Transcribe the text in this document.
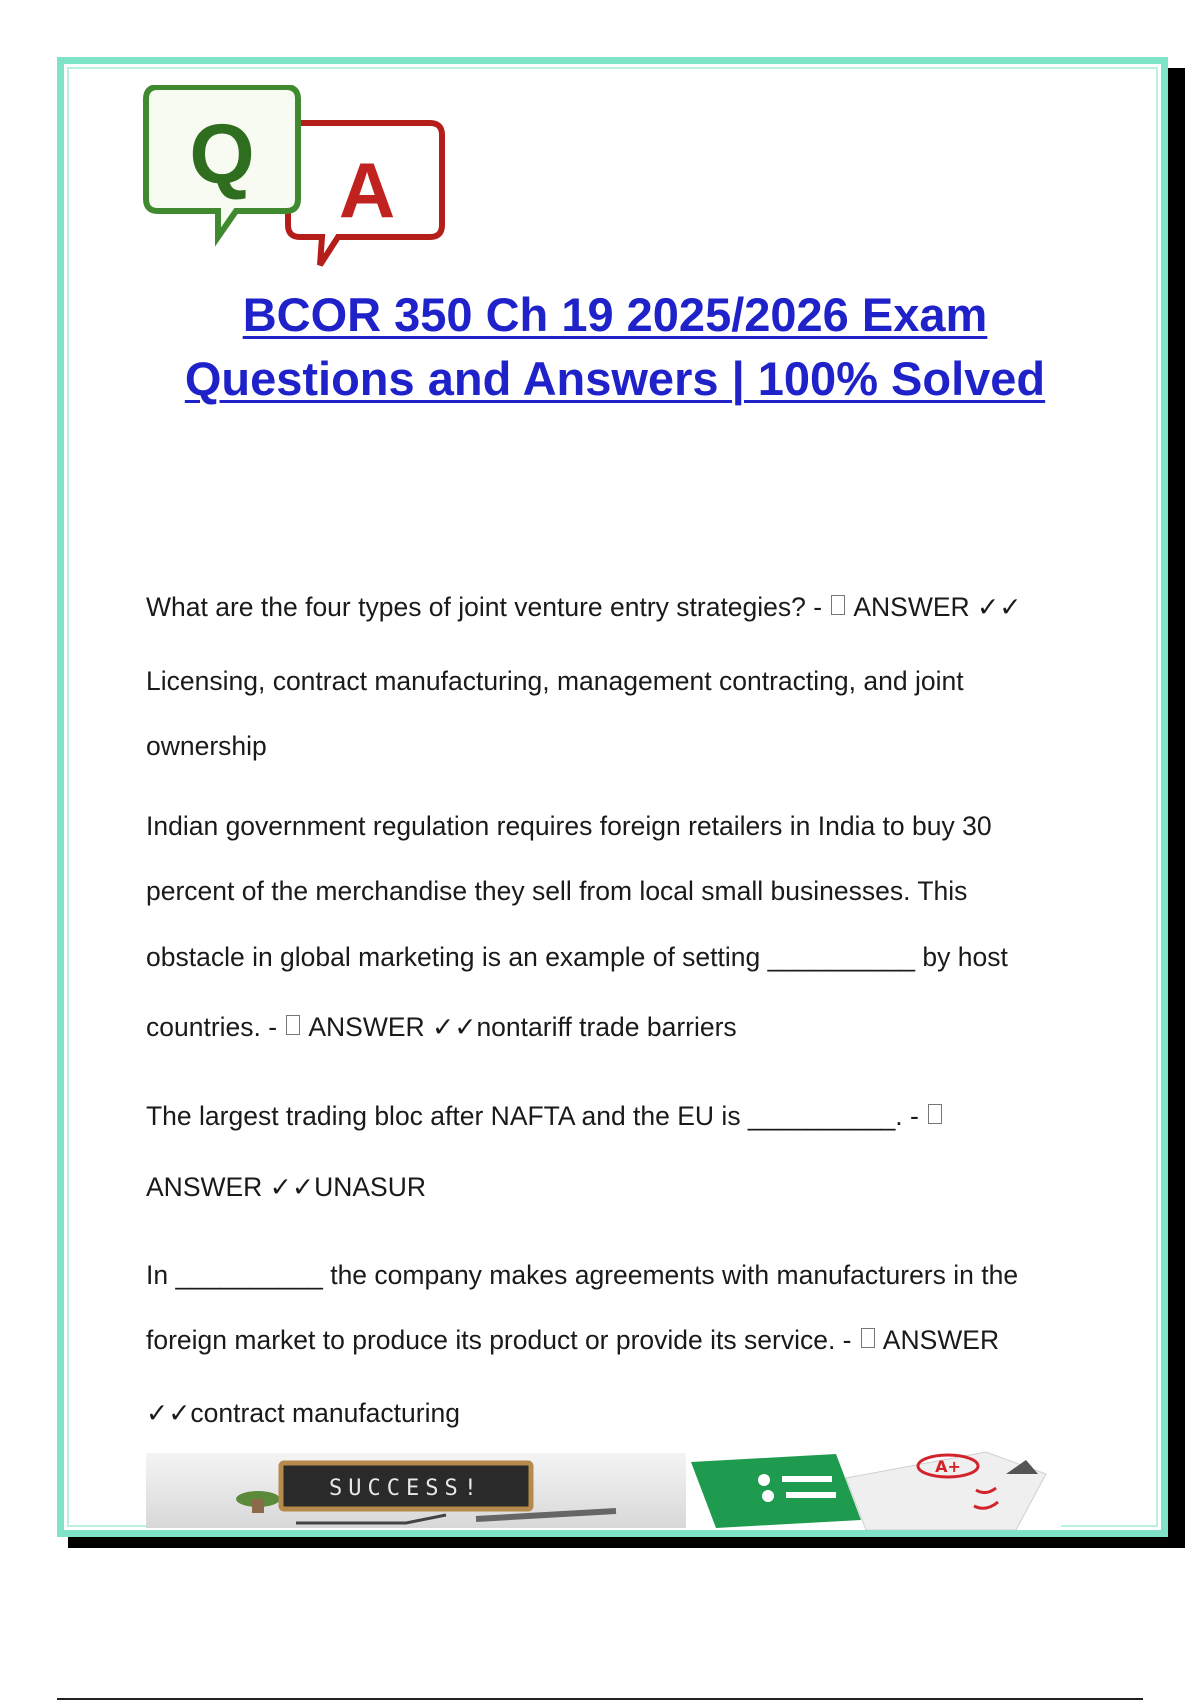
A
Q
BCOR 350 Ch 19 2025/2026 Exam
Questions and Answers | 100% Solved
What are the four types of joint venture entry strategies? -  ANSWER ✓✓
Licensing, contract manufacturing, management contracting, and joint
ownership
Indian government regulation requires foreign retailers in India to buy 30
percent of the merchandise they sell from local small businesses. This
obstacle in global marketing is an example of setting __________ by host
countries. -  ANSWER ✓✓nontariff trade barriers
The largest trading bloc after NAFTA and the EU is __________. -
ANSWER ✓✓UNASUR
In __________ the company makes agreements with manufacturers in the
foreign market to produce its product or provide its service. -  ANSWER
✓✓contract manufacturing
SUCCESS!
A+
